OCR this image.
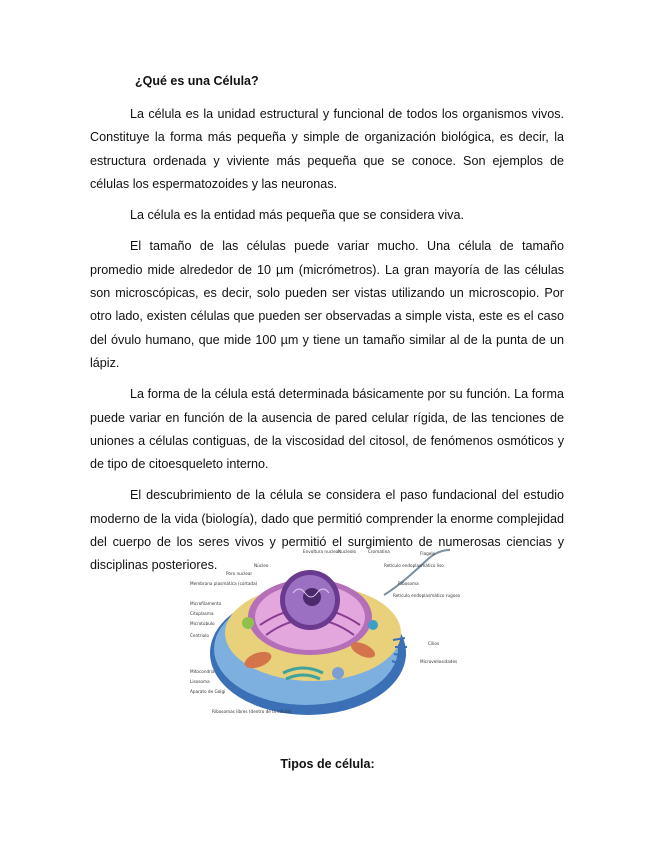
¿Qué es una Célula?

La célula es la unidad estructural y funcional de todos los organismos vivos. Constituye la forma más pequeña y simple de organización biológica, es decir, la estructura ordenada y viviente más pequeña que se conoce. Son ejemplos de células los espermatozoides y las neuronas.

La célula es la entidad más pequeña que se considera viva.

El tamaño de las células puede variar mucho. Una célula de tamaño promedio mide alrededor de 10 µm (micrómetros). La gran mayoría de las células son microscópicas, es decir, solo pueden ser vistas utilizando un microscopio. Por otro lado, existen células que pueden ser observadas a simple vista, este es el caso del óvulo humano, que mide 100 µm y tiene un tamaño similar al de la punta de un lápiz.

La forma de la célula está determinada básicamente por su función. La forma puede variar en función de la ausencia de pared celular rígida, de las tenciones de uniones a células contiguas, de la viscosidad del citosol, de fenómenos osmóticos y de tipo de citoesqueleto interno.

El descubrimiento de la célula se considera el paso fundacional del estudio moderno de la vida (biología), dado que permitió comprender la enorme complejidad del cuerpo de los seres vivos y permitió el surgimiento de numerosas ciencias y disciplinas posteriores.

Membrana plasmática (cortada)
Microfilamento
Citoplasma
Microtúbulo
Centriolo
Mitocondria
Lisosoma
Aparato de Golgi
Ribosomas libres (dentro de la célula)
Envoltura nuclear
Nucleolo	Cromatina
Núcleo
Poro nuclear
Flagelo
Retículo endoplasmático liso
Ribosoma
Retículo endoplasmático rugoso
Cilios
Microvellosidades
Tipos de célula:
